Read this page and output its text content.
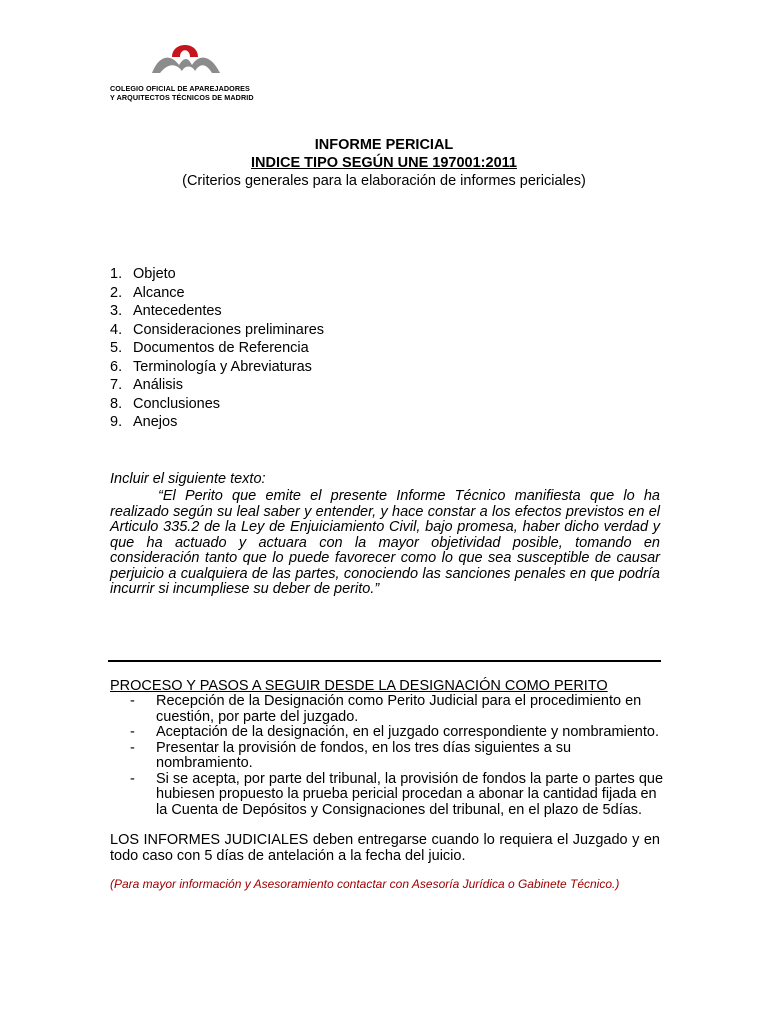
COLEGIO OFICIAL DE APAREJADORES
Y ARQUITECTOS TÉCNICOS DE MADRID
INFORME PERICIAL
INDICE TIPO SEGÚN UNE 197001:2011
(Criterios generales para la elaboración de informes periciales)
1. Objeto
2. Alcance
3. Antecedentes
4. Consideraciones preliminares
5. Documentos de Referencia
6. Terminología y Abreviaturas
7. Análisis
8. Conclusiones
9. Anejos
Incluir el siguiente texto:

“El Perito que emite el presente Informe Técnico manifiesta que lo ha realizado según su leal saber y entender, y hace constar a los efectos previstos en el Articulo 335.2 de la Ley de Enjuiciamiento Civil, bajo promesa, haber dicho verdad y que ha actuado y actuara con la mayor objetividad posible, tomando en consideración tanto que lo puede favorecer como lo que sea susceptible de causar perjuicio a cualquiera de las partes, conociendo las sanciones penales en que podría incurrir si incumpliese su deber de perito.”

PROCESO Y PASOS A SEGUIR DESDE LA DESIGNACIÓN COMO PERITO
-	Recepción de la Designación como Perito Judicial para el procedimiento en cuestión, por parte del juzgado.
-	Aceptación de la designación, en el juzgado correspondiente y nombramiento.
-	Presentar la provisión de fondos, en los tres días siguientes a su nombramiento.
-	Si se acepta, por parte del tribunal, la provisión de fondos la parte o partes que hubiesen propuesto la prueba pericial procedan a abonar la cantidad fijada en la Cuenta de Depósitos y Consignaciones del tribunal, en el plazo de 5días.

LOS INFORMES JUDICIALES deben entregarse cuando lo requiera el Juzgado y en todo caso con 5 días de antelación a la fecha del juicio.

(Para mayor información y Asesoramiento contactar con Asesoría Jurídica o Gabinete Técnico.)
